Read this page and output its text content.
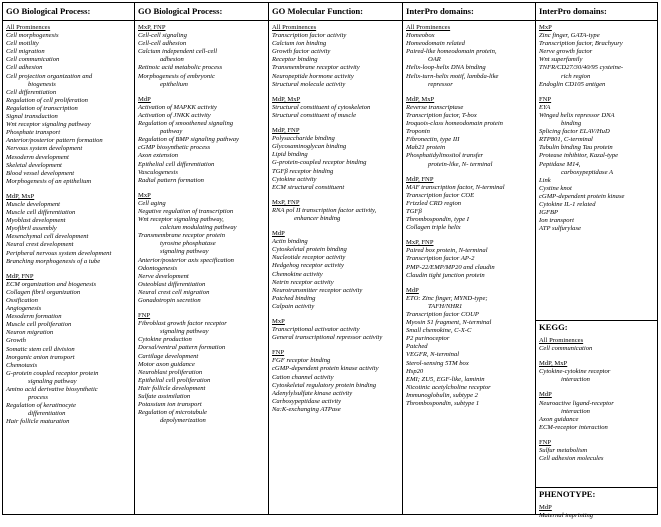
GO Biological Process:
All Prominences
Cell morphogenesis
Cell motility
Cell migration
Cell communication
Cell adhesion
Cell projection organization and
biogenesis
Cell differentiation
Regulation of cell proliferation
Regulation of transcription
Signal transduction
Wnt receptor signaling pathway
Phosphate transport
Anterior/posterior pattern formation
Nervous system development
Mesoderm development
Skeletal development
Blood vessel development
Morphogenesis of an epithelium
MdP, MxP
Muscle development
Muscle cell differentiation
Myoblast development
Myofibril assembly
Mesenchymal cell development
Neural crest development
Peripheral nervous system development
Branching morphogenesis of a tube
MdP, FNP
ECM organization and biogenesis
Collagen fibril organization
Ossification
Angiogenesis
Mesoderm formation
Muscle cell proliferation
Neuron migration
Growth
Somatic stem cell division
Inorganic anion transport
Chemotaxis
G-protein coupled receptor protein
signaling pathway
Amino acid derivative biosynthetic
process
Regulation of keratinocyte
differentiation
Hair follicle maturation
GO Biological Process:
MxP, FNP
Cell-cell signaling
Cell-cell adhesion
Calcium independent cell-cell
adhesion
Retinoic acid metabolic process
Morphogenesis of embryonic
epithelium
MdP
Activation of MAPKK activity
Activation of JNKK activity
Regulation of smoothened signaling
pathway
Regulation of BMP signaling pathway
cGMP biosynthetic process
Axon extension
Epithelial cell differentiation
Vasculogenesis
Radial pattern formation
MxP
Cell aging
Negative regulation of transcription
Wnt receptor signaling pathway,
calcium modulating pathway
Transmembrane receptor protein
tyrosine phosphatase
signaling pathway
Anterior/posterior axis specification
Odontogenesis
Nerve development
Osteoblast differentiation
Neural crest cell migration
Gonadotropin secretion
FNP
Fibroblast growth factor receptor
signaling pathway
Cytokine production
Dorsal/ventral pattern formation
Cartilage development
Motor axon guidance
Neuroblast proliferation
Epithelial cell proliferation
Hair follicle development
Sulfate assimilation
Potassium ion transport
Regulation of microtubule
depolymerization
GO Molecular Function:
All Prominences
Transcription factor activity
Calcium ion binding
Growth factor activity
Receptor binding
Transmembrane receptor activity
Neuropeptide hormone activity
Structural molecule activity
MdP, MxP
Structural constituent of cytoskeleton
Structural constituent of muscle
MdP, FNP
Polysaccharide binding
Glycosaminoglycan binding
Lipid binding
G-protein-coupled receptor binding
TGFβ receptor binding
Cytokine activity
ECM structural constituent
MxP, FNP
RNA pol II transcription factor activity,
enhancer binding
MdP
Actin binding
Cytoskeletal protein binding
Nucleotide receptor activity
Hedgehog receptor activity
Chemokine activity
Netrin receptor activity
Neurotransmitter receptor activity
Patched binding
Calpain activity
MxP
Transcriptional activator activity
General transcriptional repressor activity
FNP
FGF receptor binding
cGMP-dependent protein kinase activity
Cation channel activity
Cytoskeletal regulatory protein binding
Adenylylsulfate kinase activity
Carboxypeptidase activity
Na:K-exchanging ATPase
InterPro domains:
All Prominences
Homeobox
Homeodomain related
Paired-like homeodomain protein,
OAR
Helix-loop-helix DNA binding
Helix-turn-helix motif, lambda-like
repressor
MdP, MxP
Reverse transcriptase
Transcription factor, T-box
Iroquois-class homeodomain protein
Troponin
Fibronectin, type III
Mab21 protein
Phosphatidylinositol transfer
protein-like, N- terminal
MdP, FNP
MAF transcription factor, N-terminal
Transcription factor COE
Frizzled CRD region
TGFβ
Thrombospondin, type I
Collagen triple helix
MxP, FNP
Paired box protein, N-terminal
Transcription factor AP-2
PMP-22/EMP/MP20 and claudin
Claudin tight junction protein
MdP
ETO: Zinc finger, MYND-type;
TAFH/NHR1
Transcription factor COUP
Myosin S1 fragment, N-terminal
Small chemokine, C-X-C
P2 purinoceptor
Patched
VEGFR, N-terminal
Sterol-sensing 5TM box
Hsp20
EMI; ZU5, EGF-like, laminin
Nicotinic acetylcholine receptor
Immunoglobulin, subtype 2
Thrombospondin, subtype 1
InterPro domains:
MxP
Zinc finger, GATA-type
Transcription factor, Brachyury
Nerve growth factor
Wnt superfamily
TNFR/CD27/30/40/95 cysteine-
rich region
Endoglin CD105 antigen
FNP
EYA
Winged helix repressor DNA
binding
Splicing factor ELAV/HuD
RTP801, C-terminal
Tubulin binding Tau protein
Protease inhibitor, Kazal-type
Peptidase M14,
carboxypeptidase A
Link
Cystine knot
cGMP-dependent protein kinase
Cytokine IL-1 related
IGFBP
Ion transport
ATP sulfurylase
KEGG:
All Prominences
Cell communication
MdP, MxP
Cytokine-cytokine receptor
interaction
MdP
Neuroactive ligand-receptor
interaction
Axon guidance
ECM-receptor interaction
FNP
Sulfur metabolism
Cell adhesion molecules
PHENOTYPE:
MdP
Maternal imprinting
